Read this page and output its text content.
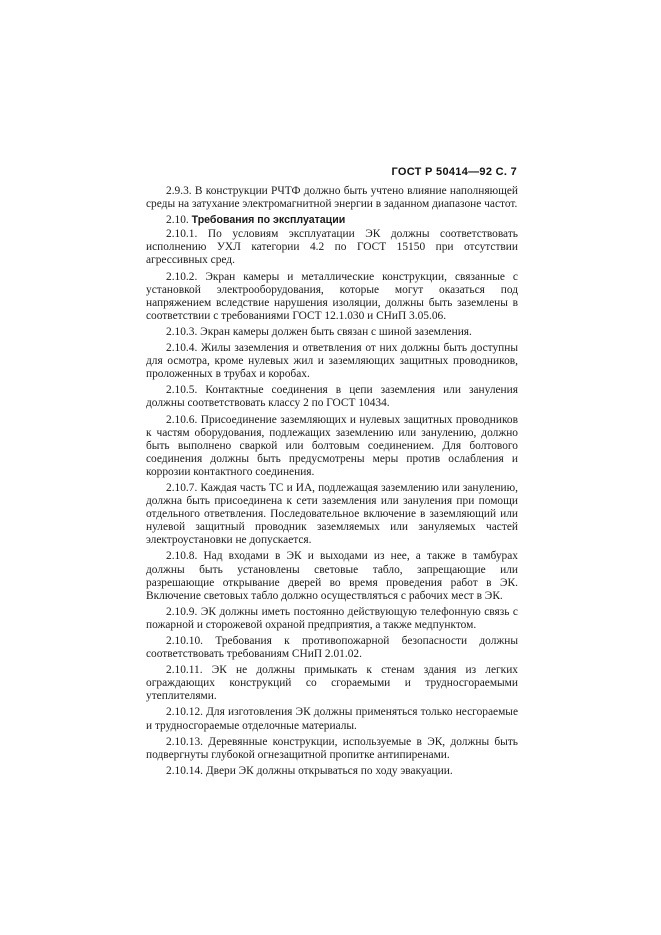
ГОСТ Р 50414—92 С. 7

2.9.3. В конструкции РЧТФ должно быть учтено влияние наполняющей среды на затухание электромагнитной энергии в заданном диапазоне частот.

2.10. Требования по эксплуатации

2.10.1. По условиям эксплуатации ЭК должны соответствовать исполнению УХЛ категории 4.2 по ГОСТ 15150 при отсутствии агрессивных сред.

2.10.2. Экран камеры и металлические конструкции, связанные с установкой электрооборудования, которые могут оказаться под напряжением вследствие нарушения изоляции, должны быть заземлены в соответствии с требованиями ГОСТ 12.1.030 и СНиП 3.05.06.

2.10.3. Экран камеры должен быть связан с шиной заземления.

2.10.4. Жилы заземления и ответвления от них должны быть доступны для осмотра, кроме нулевых жил и заземляющих защитных проводников, проложенных в трубах и коробах.

2.10.5. Контактные соединения в цепи заземления или зануления должны соответствовать классу 2 по ГОСТ 10434.

2.10.6. Присоединение заземляющих и нулевых защитных проводников к частям оборудования, подлежащих заземлению или занулению, должно быть выполнено сваркой или болтовым соединением. Для болтового соединения должны быть предусмотрены меры против ослабления и коррозии контактного соединения.

2.10.7. Каждая часть ТС и ИА, подлежащая заземлению или занулению, должна быть присоединена к сети заземления или зануления при помощи отдельного ответвления. Последовательное включение в заземляющий или нулевой защитный проводник заземляемых или зануляемых частей электроустановки не допускается.

2.10.8. Над входами в ЭК и выходами из нее, а также в тамбурах должны быть установлены световые табло, запрещающие или разрешающие открывание дверей во время проведения работ в ЭК. Включение световых табло должно осуществляться с рабочих мест в ЭК.

2.10.9. ЭК должны иметь постоянно действующую телефонную связь с пожарной и сторожевой охраной предприятия, а также медпунктом.

2.10.10. Требования к противопожарной безопасности должны соответствовать требованиям СНиП 2.01.02.

2.10.11. ЭК не должны примыкать к стенам здания из легких ограждающих конструкций со сгораемыми и трудносгораемыми утеплителями.

2.10.12. Для изготовления ЭК должны применяться только несгораемые и трудносгораемые отделочные материалы.

2.10.13. Деревянные конструкции, используемые в ЭК, должны быть подвергнуты глубокой огнезащитной пропитке антипиренами.

2.10.14. Двери ЭК должны открываться по ходу эвакуации.
